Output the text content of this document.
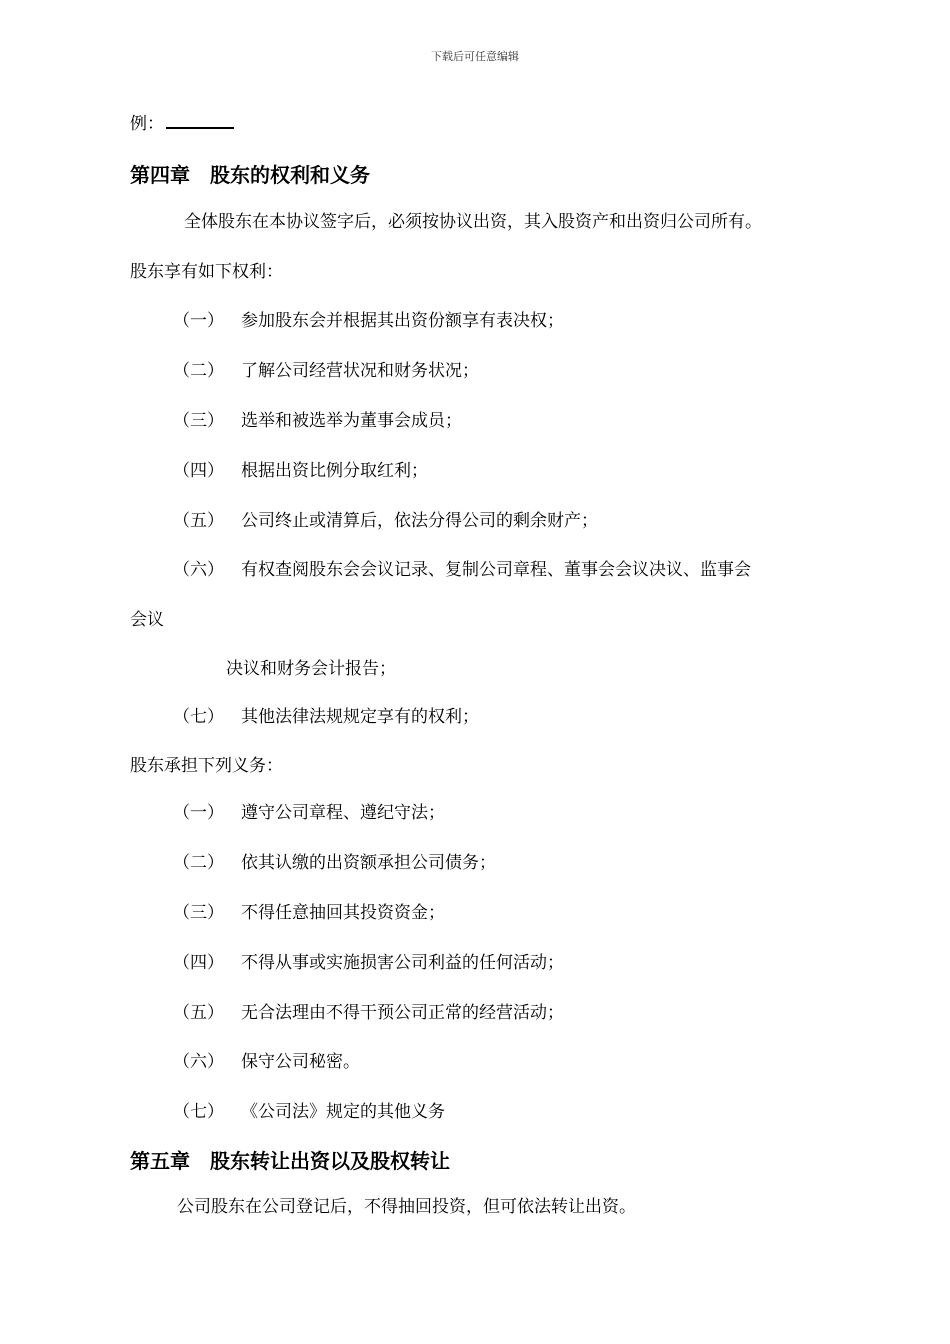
下载后可任意编辑
例：
第四章　股东的权利和义务
全体股东在本协议签字后，必须按协议出资，其入股资产和出资归公司所有。
股东享有如下权利：
（一） 参加股东会并根据其出资份额享有表决权；
（二） 了解公司经营状况和财务状况；
（三） 选举和被选举为董事会成员；
（四） 根据出资比例分取红利；
（五） 公司终止或清算后，依法分得公司的剩余财产；
（六） 有权查阅股东会会议记录、复制公司章程、董事会会议决议、监事会
会议
决议和财务会计报告；
（七） 其他法律法规规定享有的权利；
股东承担下列义务：
（一） 遵守公司章程、遵纪守法；
（二） 依其认缴的出资额承担公司债务；
（三） 不得任意抽回其投资资金；
（四） 不得从事或实施损害公司利益的任何活动；
（五） 无合法理由不得干预公司正常的经营活动；
（六） 保守公司秘密。
（七） 《公司法》规定的其他义务
第五章　股东转让出资以及股权转让
公司股东在公司登记后，不得抽回投资，但可依法转让出资。
